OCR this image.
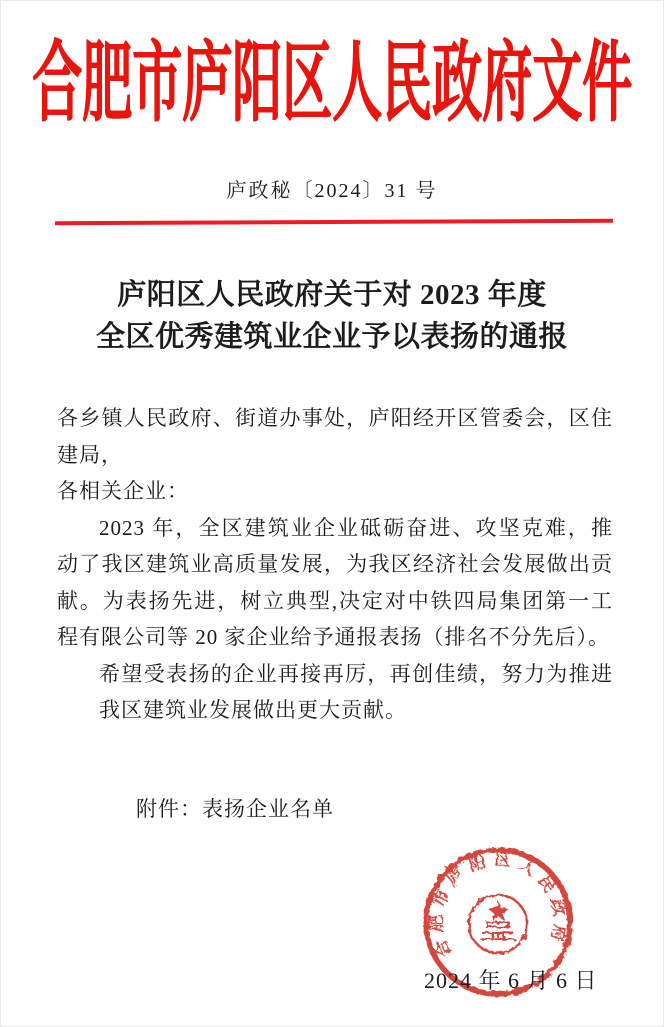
合肥市庐阳区人民政府文件
庐政秘〔2024〕31 号
庐阳区人民政府关于对 2023 年度
全区优秀建筑业企业予以表扬的通报

各乡镇人民政府、街道办事处，庐阳经开区管委会，区住建局，

各相关企业：

2023 年，全区建筑业企业砥砺奋进、攻坚克难，推动了我区建筑业高质量发展，为我区经济社会发展做出贡献。为表扬先进，树立典型,决定对中铁四局集团第一工程有限公司等 20 家企业给予通报表扬（排名不分先后）。

希望受表扬的企业再接再厉，再创佳绩，努力为推进我区建筑业发展做出更大贡献。

附件：表扬企业名单
合肥市庐阳区人民政府
2024 年 6 月 6 日
